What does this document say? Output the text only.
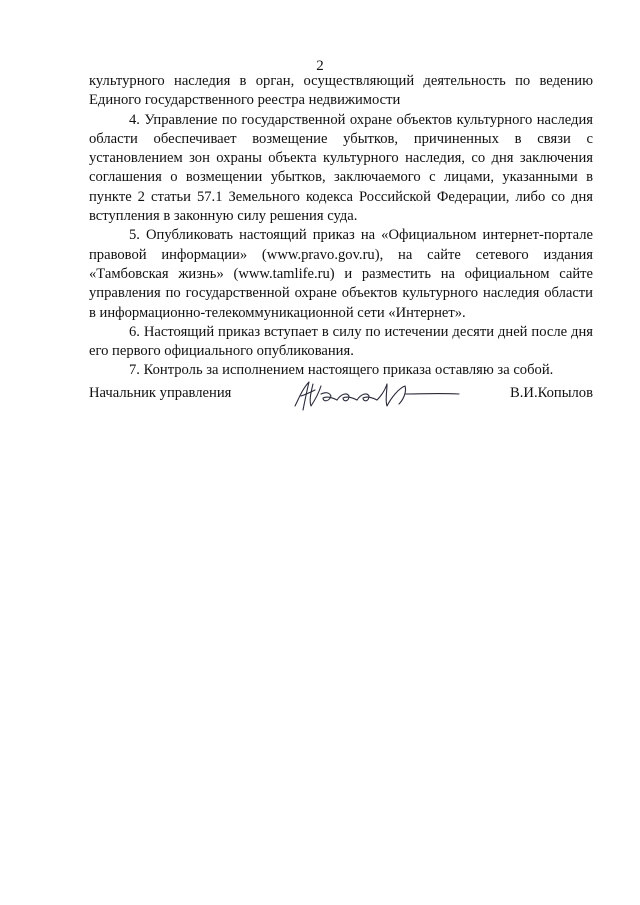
2

культурного наследия в орган, осуществляющий деятельность по ведению Единого государственного реестра недвижимости

4. Управление по государственной охране объектов культурного наследия области обеспечивает возмещение убытков, причиненных в связи с установлением зон охраны объекта культурного наследия, со дня заключения соглашения о возмещении убытков, заключаемого с лицами, указанными в пункте 2 статьи 57.1 Земельного кодекса Российской Федерации, либо со дня вступления в законную силу решения суда.

5. Опубликовать настоящий приказ на «Официальном интернет-портале правовой информации» (www.pravo.gov.ru), на сайте сетевого издания «Тамбовская жизнь» (www.tamlife.ru) и разместить на официальном сайте управления по государственной охране объектов культурного наследия области в информационно-телекоммуникационной сети «Интернет».

6. Настоящий приказ вступает в силу по истечении десяти дней после дня его первого официального опубликования.

7. Контроль за исполнением настоящего приказа оставляю за собой.

Начальник управления	В.И.Копылов
